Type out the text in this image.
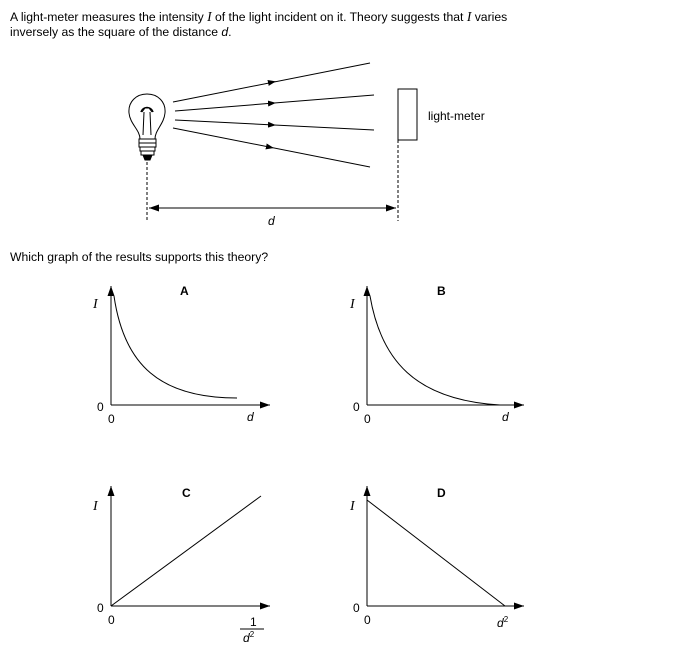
A light-meter measures the intensity I of the light incident on it. Theory suggests that I varies
inversely as the square of the distance d.
light-meter
d
A
I
d
0
0
B
I
d
0
0
C
I
1
$d^2$
0
0
D
I
$d^2$
0
0
Which graph of the results supports this theory?
